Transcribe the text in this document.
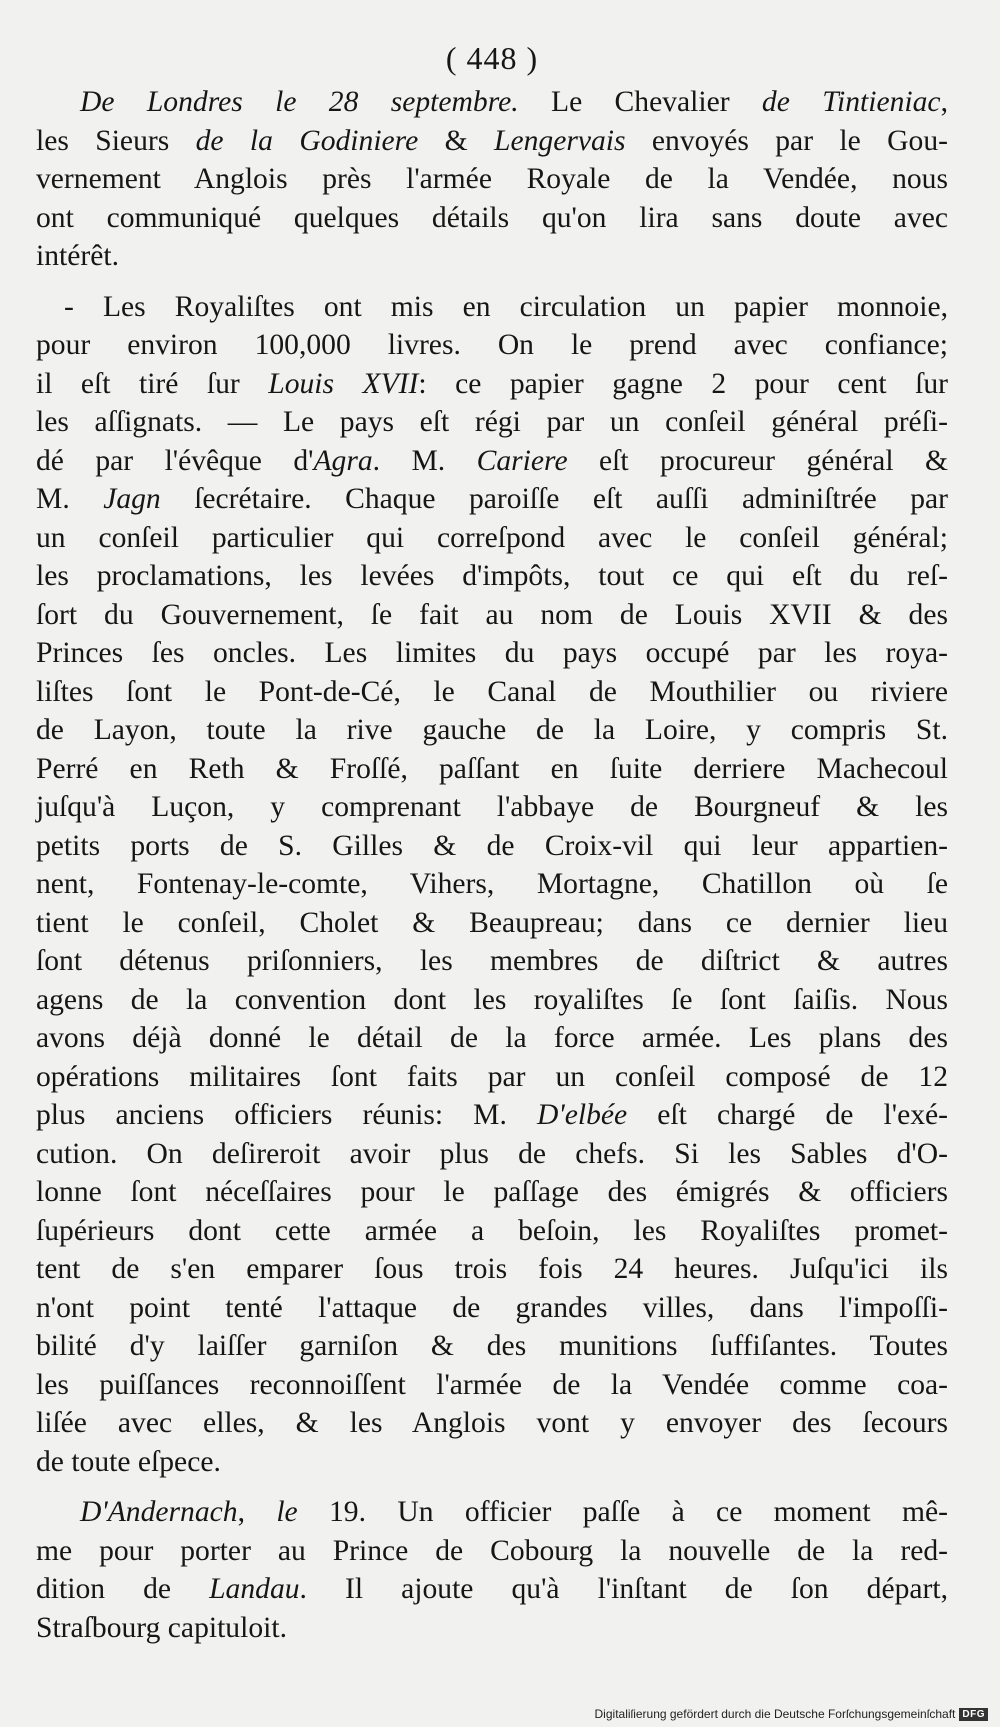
( 448 )

De Londres le 28 septembre. Le Chevalier de Tintieniac,
les Sieurs de la Godiniere & Lengervais envoyés par le Gou-
vernement Anglois près l'armée Royale de la Vendée, nous
ont communiqué quelques détails qu'on lira sans doute avec
intérêt.

- Les Royaliſtes ont mis en circulation un papier monnoie,
pour environ 100,000 livres. On le prend avec confiance;
il eſt tiré ſur Louis XVII: ce papier gagne 2 pour cent ſur
les aſſignats. — Le pays eſt régi par un conſeil général préſi-
dé par l'évêque d'Agra. M. Cariere eſt procureur général &
M. Jagn ſecrétaire. Chaque paroiſſe eſt auſſi adminiſtrée par
un conſeil particulier qui correſpond avec le conſeil général;
les proclamations, les levées d'impôts, tout ce qui eſt du reſ-
ſort du Gouvernement, ſe fait au nom de Louis XVII & des
Princes ſes oncles. Les limites du pays occupé par les roya-
liſtes ſont le Pont-de-Cé, le Canal de Mouthilier ou riviere
de Layon, toute la rive gauche de la Loire, y compris St.
Perré en Reth & Froſſé, paſſant en ſuite derriere Machecoul
juſqu'à Luçon, y comprenant l'abbaye de Bourgneuf & les
petits ports de S. Gilles & de Croix-vil qui leur appartien-
nent, Fontenay-le-comte, Vihers, Mortagne, Chatillon où ſe
tient le conſeil, Cholet & Beaupreau; dans ce dernier lieu
ſont détenus priſonniers, les membres de diſtrict & autres
agens de la convention dont les royaliſtes ſe ſont ſaiſis. Nous
avons déjà donné le détail de la force armée. Les plans des
opérations militaires ſont faits par un conſeil composé de 12
plus anciens officiers réunis: M. D'elbée eſt chargé de l'exé-
cution. On deſireroit avoir plus de chefs. Si les Sables d'O-
lonne ſont néceſſaires pour le paſſage des émigrés & officiers
ſupérieurs dont cette armée a beſoin, les Royaliſtes promet-
tent de s'en emparer ſous trois fois 24 heures. Juſqu'ici ils
n'ont point tenté l'attaque de grandes villes, dans l'impoſſi-
bilité d'y laiſſer garniſon & des munitions ſuffiſantes. Toutes
les puiſſances reconnoiſſent l'armée de la Vendée comme coa-
liſée avec elles, & les Anglois vont y envoyer des ſecours
de toute eſpece.

D'Andernach, le 19. Un officier paſſe à ce moment mê-
me pour porter au Prince de Cobourg la nouvelle de la red-
dition de Landau. Il ajoute qu'à l'inſtant de ſon départ,
Straſbourg capituloit.

Digitaliſierung gefördert durch die Deutsche Forſchungsgemeinſchaft DFG
